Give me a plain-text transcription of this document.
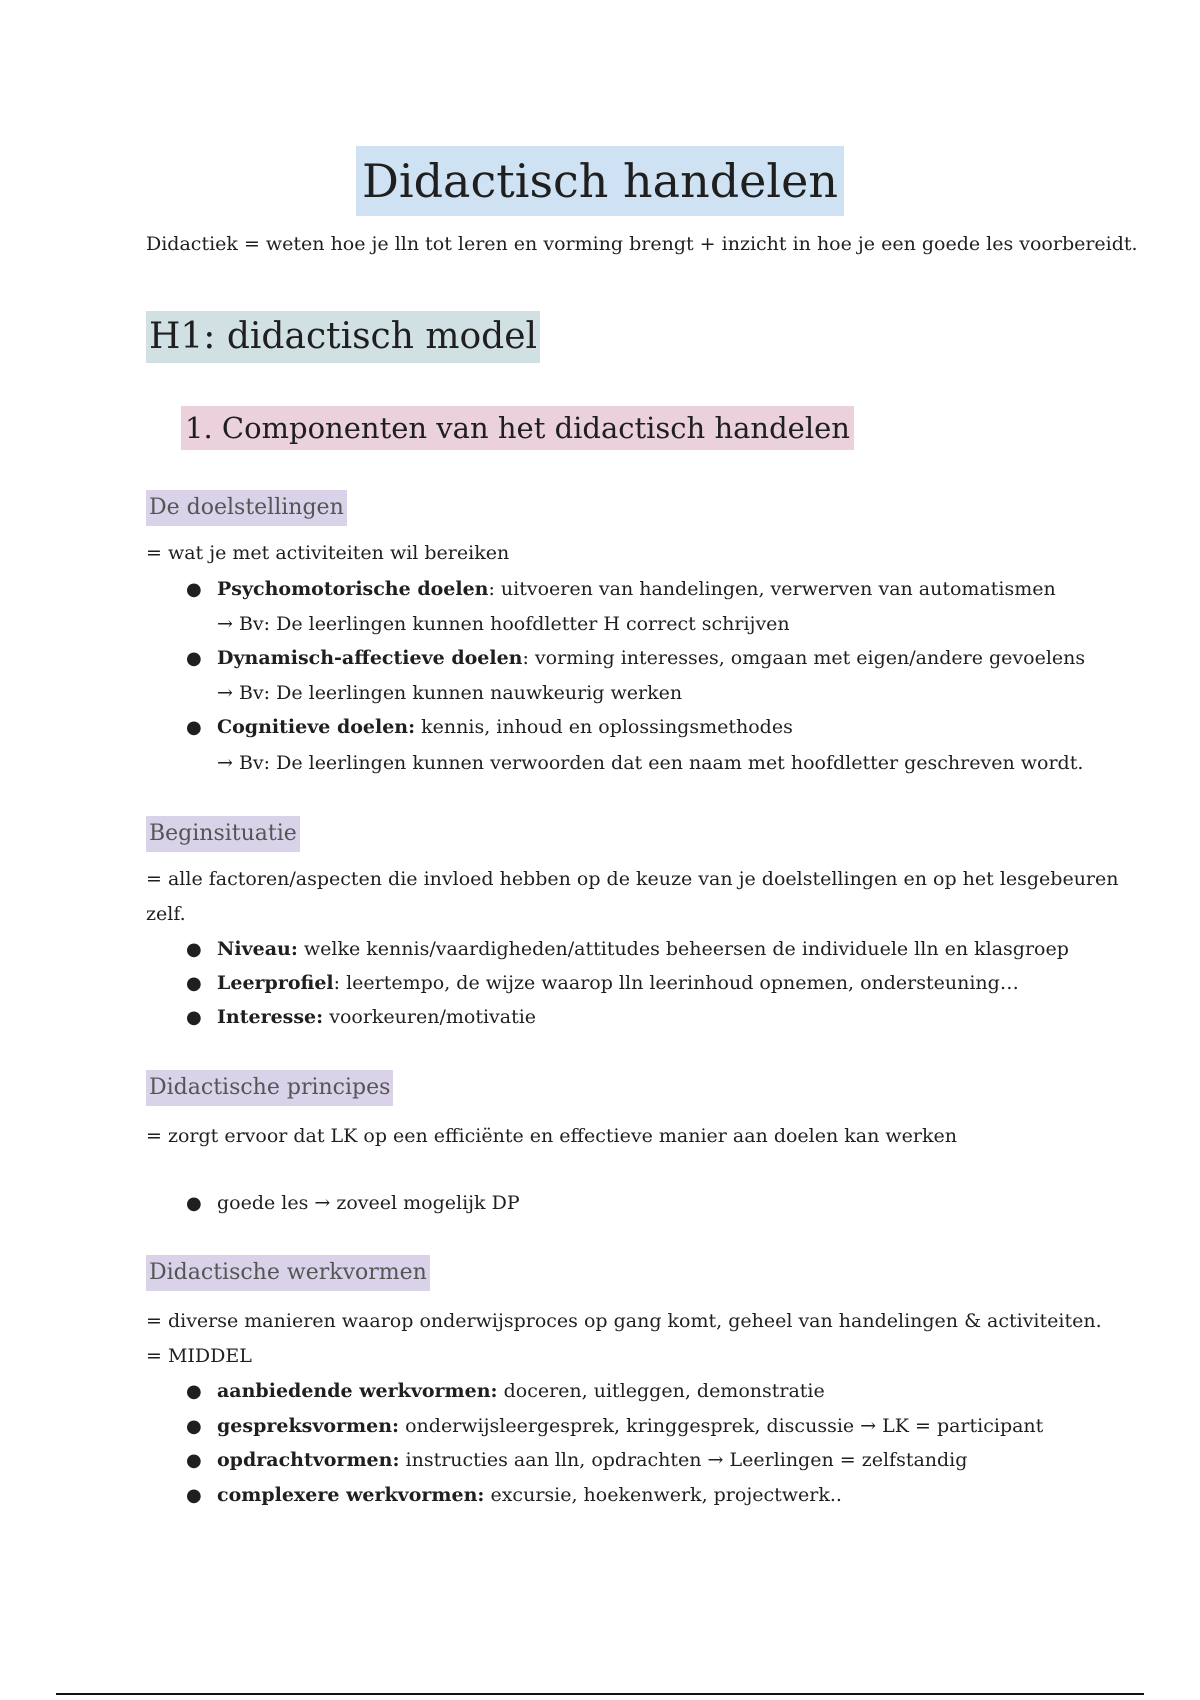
Didactisch handelen
Didactiek = weten hoe je lln tot leren en vorming brengt + inzicht in hoe je een goede les voorbereidt.
H1: didactisch model
1. Componenten van het didactisch handelen
De doelstellingen
= wat je met activiteiten wil bereiken
● Psychomotorische doelen: uitvoeren van handelingen, verwerven van automatismen
→ Bv: De leerlingen kunnen hoofdletter H correct schrijven
● Dynamisch-affectieve doelen: vorming interesses, omgaan met eigen/andere gevoelens
→ Bv: De leerlingen kunnen nauwkeurig werken
● Cognitieve doelen: kennis, inhoud en oplossingsmethodes
→ Bv: De leerlingen kunnen verwoorden dat een naam met hoofdletter geschreven wordt.
Beginsituatie
= alle factoren/aspecten die invloed hebben op de keuze van je doelstellingen en op het lesgebeuren
zelf.
● Niveau: welke kennis/vaardigheden/attitudes beheersen de individuele lln en klasgroep
● Leerprofiel: leertempo, de wijze waarop lln leerinhoud opnemen, ondersteuning…
● Interesse: voorkeuren/motivatie
Didactische principes
= zorgt ervoor dat LK op een efficiënte en effectieve manier aan doelen kan werken
● goede les → zoveel mogelijk DP
Didactische werkvormen
= diverse manieren waarop onderwijsproces op gang komt, geheel van handelingen & activiteiten.
= MIDDEL
● aanbiedende werkvormen: doceren, uitleggen, demonstratie
● gespreksvormen: onderwijsleergesprek, kringgesprek, discussie → LK = participant
● opdrachtvormen: instructies aan lln, opdrachten → Leerlingen = zelfstandig
● complexere werkvormen: excursie, hoekenwerk, projectwerk..
